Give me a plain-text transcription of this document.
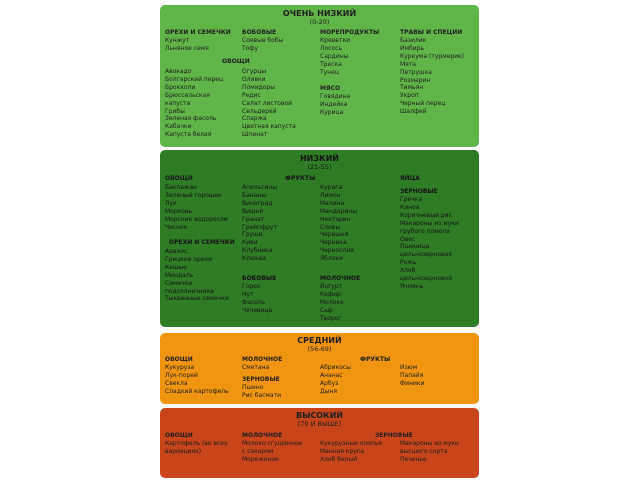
ОЧЕНЬ НИЗКИЙ
(0-20)
ОРЕХИ И СЕМЕЧКИ
Кунжут
Льняное семя
ОВОЩИ
Авокадо
Болгарский перец
Брокколи
Брюссельская
капуста
Грибы
Зеленая фасоль
Кабачки
Капуста белая
БОБОВЫЕ
Соевые бобы
Тофу
Огурцы
Оливки
Помидоры
Редис
Салат листовой
Сельдерей
Спаржа
Цветная капуста
Шпинат
МОРЕПРОДУКТЫ
Креветки
Лосось
Сардины
Треска
Тунец
МЯСО
Говядина
Индейка
Курица
ТРАВЫ И СПЕЦИИ
Базилик
Имбирь
Куркума (турмерик)
Мята
Петрушка
Розмарин
Тимьян
Укроп
Черный перец
Шалфей
НИЗКИЙ
(21-55)
ОВОЩИ
Баклажан
Зеленый горошек
Лук
Морковь
Морские водоросли
Чеснок
ОРЕХИ И СЕМЕЧКИ
Арахис
Грецкие орехи
Кешью
Миндаль
Семечки
подсолнечника
Тыквенные семечки
ФРУКТЫ
Апельсины
Бананы
Виноград
Вишня
Гранат
Грейпфрут
Груши
Киви
Клубника
Клюква
БОБОВЫЕ
Горох
Нут
Фасоль
Чечевица
Курага
Лимон
Малина
Мандарины
Нектарин
Сливы
Черешня
Черника
Чернослив
Яблоки
МОЛОЧНОЕ
Йогурт
Кефир
Молоко
Сыр
Творог
ЯЙЦА
ЗЕРНОВЫЕ
Гречка
Киноа
Коричневый рис
Макароны из муки
грубого помола
Овес
Пшеница
цельнозерновая
Рожь
Хлеб
цельнозерновой
Ячмень
СРЕДНИЙ
(56-69)
ОВОЩИ
Кукуруза
Лук-порей
Свекла
Сладкий картофель
МОЛОЧНОЕ
Сметана
ЗЕРНОВЫЕ
Пшено
Рис басмати
ФРУКТЫ
Абрикосы
Ананас
Арбуз
Дыня
Изюм
Папайя
Финики
ВЫСОКИЙ
(70 И ВЫШЕ)
ОВОЩИ
Картофель (во всех
вариациях)
МОЛОЧНОЕ
Молоко сгущенное
с сахаром
Мороженое
ЗЕРНОВЫЕ
Кукурузные хлопья
Манная крупа
Хлеб белый
Макароны из муки
высшего сорта
Печенье
